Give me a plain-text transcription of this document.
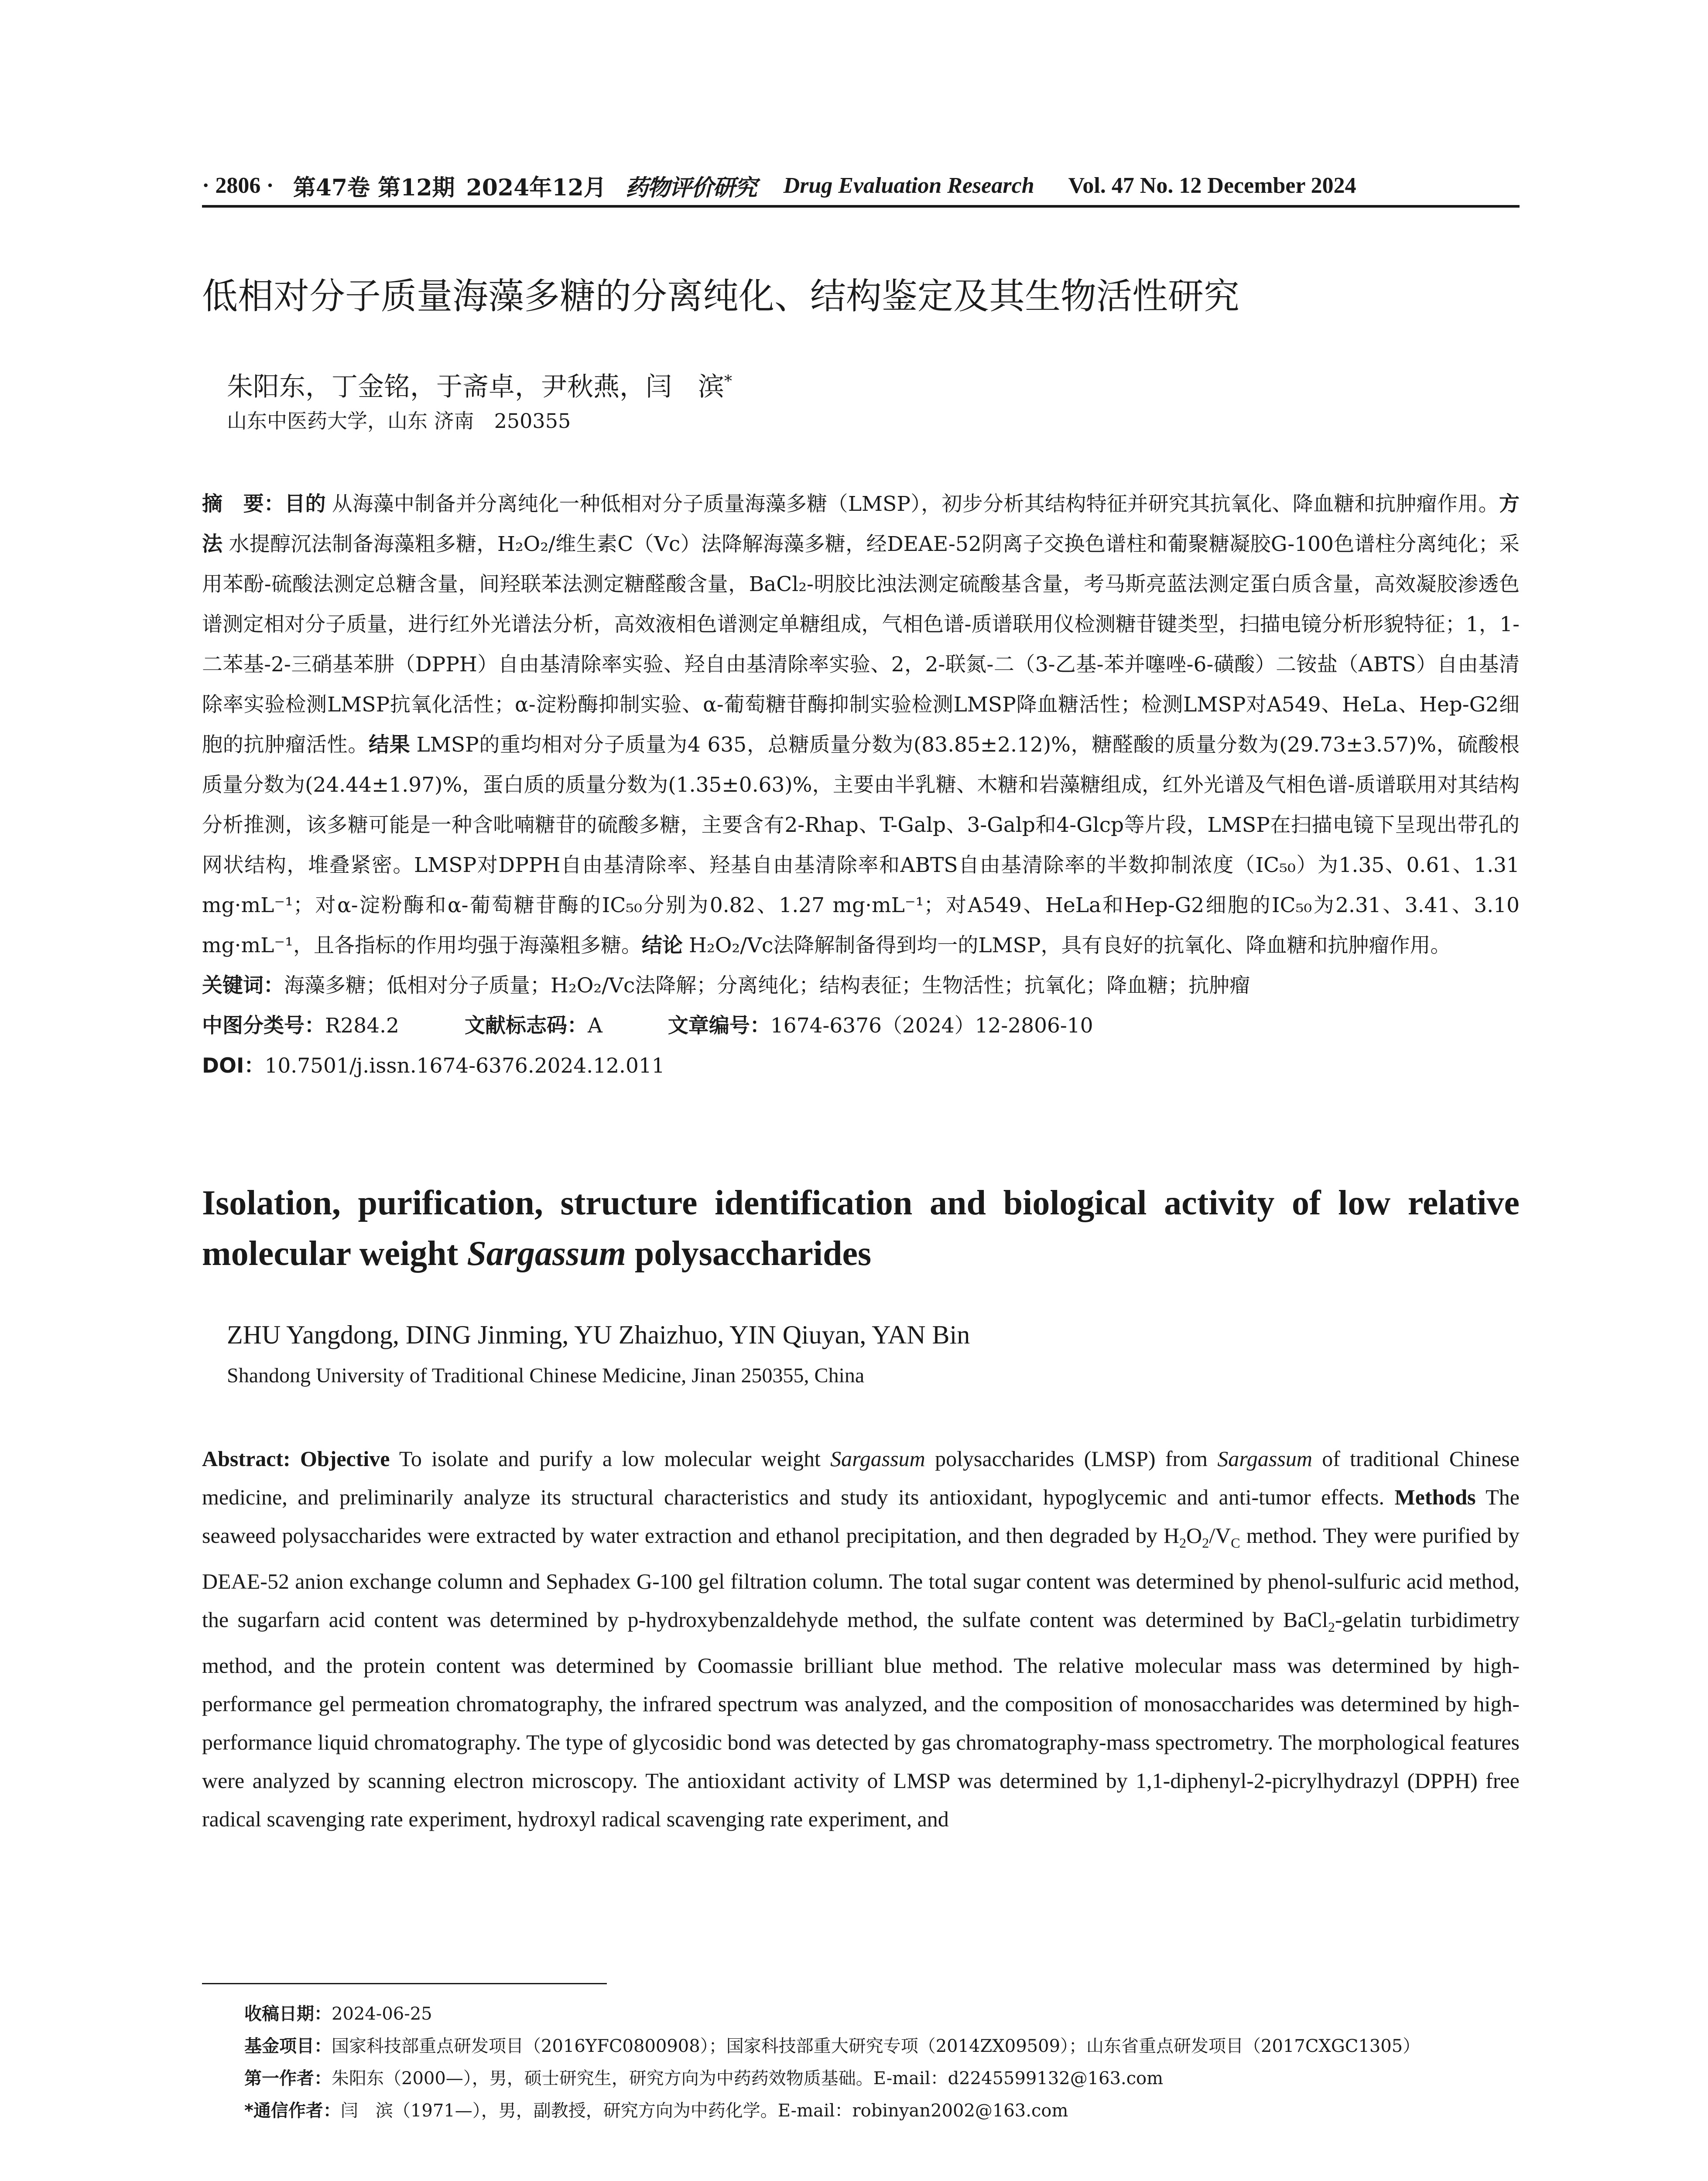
· 2806 · 第47卷 第12期 2024年12月 药物评价研究 Drug Evaluation Research Vol. 47 No. 12 December 2024
低相对分子质量海藻多糖的分离纯化、结构鉴定及其生物活性研究
朱阳东，丁金铭，于斋卓，尹秋燕，闫　滨*
山东中医药大学，山东 济南　250355

摘　要：目的 从海藻中制备并分离纯化一种低相对分子质量海藻多糖（LMSP），初步分析其结构特征并研究其抗氧化、降血糖和抗肿瘤作用。方法 水提醇沉法制备海藻粗多糖，H₂O₂/维生素C（Vc）法降解海藻多糖，经DEAE-52阴离子交换色谱柱和葡聚糖凝胶G-100色谱柱分离纯化；采用苯酚-硫酸法测定总糖含量，间羟联苯法测定糖醛酸含量，BaCl₂-明胶比浊法测定硫酸基含量，考马斯亮蓝法测定蛋白质含量，高效凝胶渗透色谱测定相对分子质量，进行红外光谱法分析，高效液相色谱测定单糖组成，气相色谱-质谱联用仪检测糖苷键类型，扫描电镜分析形貌特征；1，1-二苯基-2-三硝基苯肼（DPPH）自由基清除率实验、羟自由基清除率实验、2，2-联氮-二（3-乙基-苯并噻唑-6-磺酸）二铵盐（ABTS）自由基清除率实验检测LMSP抗氧化活性；α-淀粉酶抑制实验、α-葡萄糖苷酶抑制实验检测LMSP降血糖活性；检测LMSP对A549、HeLa、Hep-G2细胞的抗肿瘤活性。结果 LMSP的重均相对分子质量为4 635，总糖质量分数为(83.85±2.12)%，糖醛酸的质量分数为(29.73±3.57)%，硫酸根质量分数为(24.44±1.97)%，蛋白质的质量分数为(1.35±0.63)%，主要由半乳糖、木糖和岩藻糖组成，红外光谱及气相色谱-质谱联用对其结构分析推测，该多糖可能是一种含吡喃糖苷的硫酸多糖，主要含有2-Rhap、T-Galp、3-Galp和4-Glcp等片段，LMSP在扫描电镜下呈现出带孔的网状结构，堆叠紧密。LMSP对DPPH自由基清除率、羟基自由基清除率和ABTS自由基清除率的半数抑制浓度（IC₅₀）为1.35、0.61、1.31 mg·mL⁻¹；对α-淀粉酶和α-葡萄糖苷酶的IC₅₀分别为0.82、1.27 mg·mL⁻¹；对A549、HeLa和Hep-G2细胞的IC₅₀为2.31、3.41、3.10 mg·mL⁻¹，且各指标的作用均强于海藻粗多糖。结论 H₂O₂/Vc法降解制备得到均一的LMSP，具有良好的抗氧化、降血糖和抗肿瘤作用。

关键词：海藻多糖；低相对分子质量；H₂O₂/Vc法降解；分离纯化；结构表征；生物活性；抗氧化；降血糖；抗肿瘤

中图分类号：R284.2	文献标志码：A	文章编号：1674-6376（2024）12-2806-10

DOI：10.7501/j.issn.1674-6376.2024.12.011

Isolation, purification, structure identification and biological activity of low relative molecular weight Sargassum polysaccharides
ZHU Yangdong, DING Jinming, YU Zhaizhuo, YIN Qiuyan, YAN Bin
Shandong University of Traditional Chinese Medicine, Jinan 250355, China
Abstract: Objective To isolate and purify a low molecular weight Sargassum polysaccharides (LMSP) from Sargassum of traditional Chinese medicine, and preliminarily analyze its structural characteristics and study its antioxidant, hypoglycemic and anti-tumor effects. Methods The seaweed polysaccharides were extracted by water extraction and ethanol precipitation, and then degraded by $H_2O_2/V_C$ method. They were purified by DEAE-52 anion exchange column and Sephadex G-100 gel filtration column. The total sugar content was determined by phenol-sulfuric acid method, the sugarfarn acid content was determined by p-hydroxybenzaldehyde method, the sulfate content was determined by BaCl$_2$-gelatin turbidimetry method, and the protein content was determined by Coomassie brilliant blue method. The relative molecular mass was determined by high-performance gel permeation chromatography, the infrared spectrum was analyzed, and the composition of monosaccharides was determined by high-performance liquid chromatography. The type of glycosidic bond was detected by gas chromatography-mass spectrometry. The morphological features were analyzed by scanning electron microscopy. The antioxidant activity of LMSP was determined by 1,1-diphenyl-2-picrylhydrazyl (DPPH) free radical scavenging rate experiment, hydroxyl radical scavenging rate experiment, and

收稿日期：2024-06-25

基金项目：国家科技部重点研发项目（2016YFC0800908）；国家科技部重大研究专项（2014ZX09509）；山东省重点研发项目（2017CXGC1305）

第一作者：朱阳东（2000—），男，硕士研究生，研究方向为中药药效物质基础。E-mail：d2245599132@163.com

*通信作者：闫　滨（1971—），男，副教授，研究方向为中药化学。E-mail：robinyan2002@163.com
